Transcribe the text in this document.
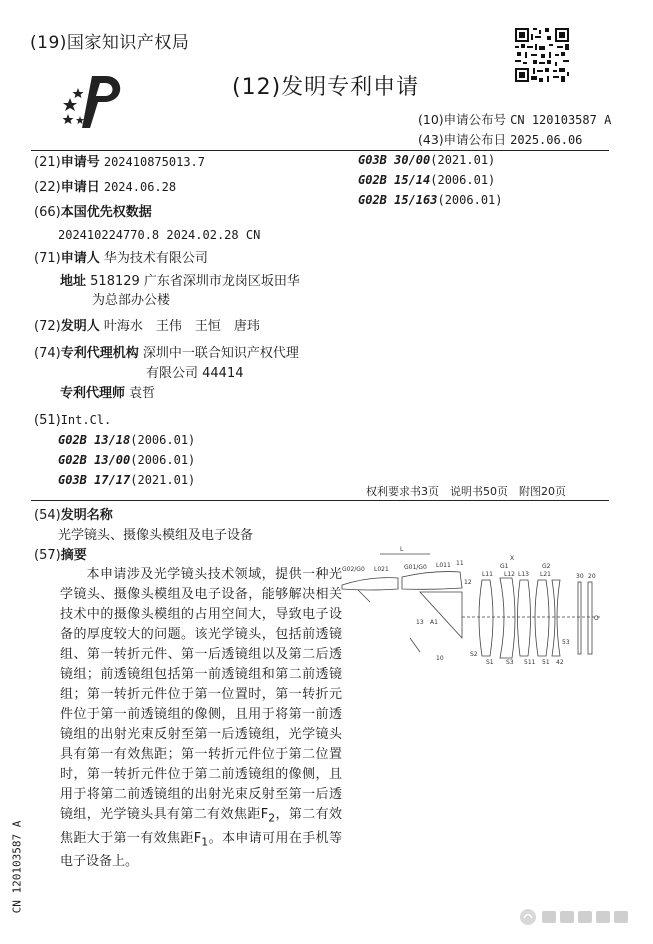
(19)国家知识产权局
(12)发明专利申请
(10)申请公布号 CN 120103587 A
(43)申请公布日 2025.06.06
(21)申请号 202410875013.7
(22)申请日 2024.06.28
(66)本国优先权数据
202410224770.8 2024.02.28 CN
(71)申请人 华为技术有限公司
地址 518129 广东省深圳市龙岗区坂田华
为总部办公楼
(72)发明人 叶海水　王伟　王恒　唐玮
(74)专利代理机构 深圳中一联合知识产权代理
有限公司 44414
专利代理师 袁哲
(51)Int.Cl.
G02B 13/18(2006.01)
G02B 13/00(2006.01)
G03B 17/17(2021.01)
G03B 30/00(2021.01)
G02B 15/14(2006.01)
G02B 15/163(2006.01)
权利要求书3页　说明书50页　附图20页
(54)发明名称
光学镜头、摄像头模组及电子设备
(57)摘要
本申请涉及光学镜头技术领域，提供一种光学镜头、摄像头模组及电子设备，能够解决相关技术中的摄像头模组的占用空间大，导致电子设备的厚度较大的问题。该光学镜头，包括前透镜组、第一转折元件、第一后透镜组以及第二后透镜组；前透镜组包括第一前透镜组和第二前透镜组；第一转折元件位于第一位置时，第一转折元件位于第一前透镜组的像侧，且用于将第一前透镜组的出射光束反射至第一后透镜组，光学镜头具有第一有效焦距；第一转折元件位于第二位置时，第一转折元件位于第二前透镜组的像侧，且用于将第二前透镜组的出射光束反射至第一后透镜组，光学镜头具有第二有效焦距$F_2$，第二有效焦距大于第一有效焦距$F_1$。本申请可用在手机等电子设备上。
CN 120103587 A
G02/G0
L
L021	G01/G0 L011 11
12
L11
G1
L12 L13
G2
L21	30 20
13 A1
10
S2
S1 S3 511 51 42
53
O
X
